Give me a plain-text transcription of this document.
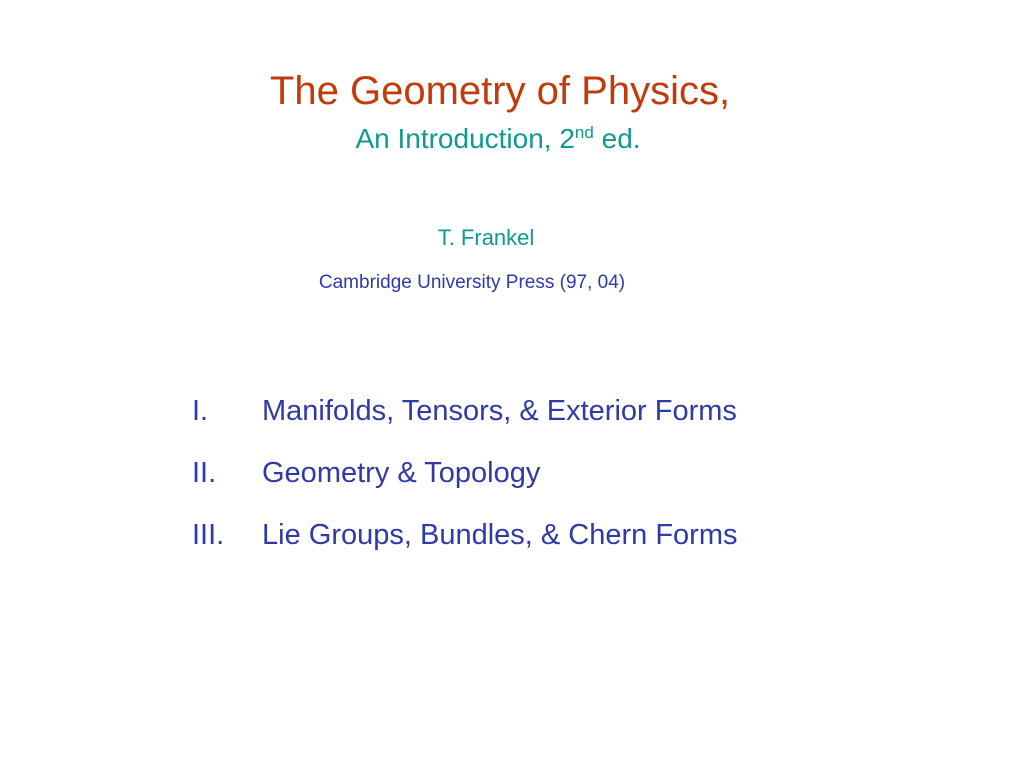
The Geometry of Physics,
An Introduction, 2nd ed.
T. Frankel
Cambridge University Press (97, 04)
I. Manifolds, Tensors, & Exterior Forms
II. Geometry & Topology
III. Lie Groups, Bundles, & Chern Forms
